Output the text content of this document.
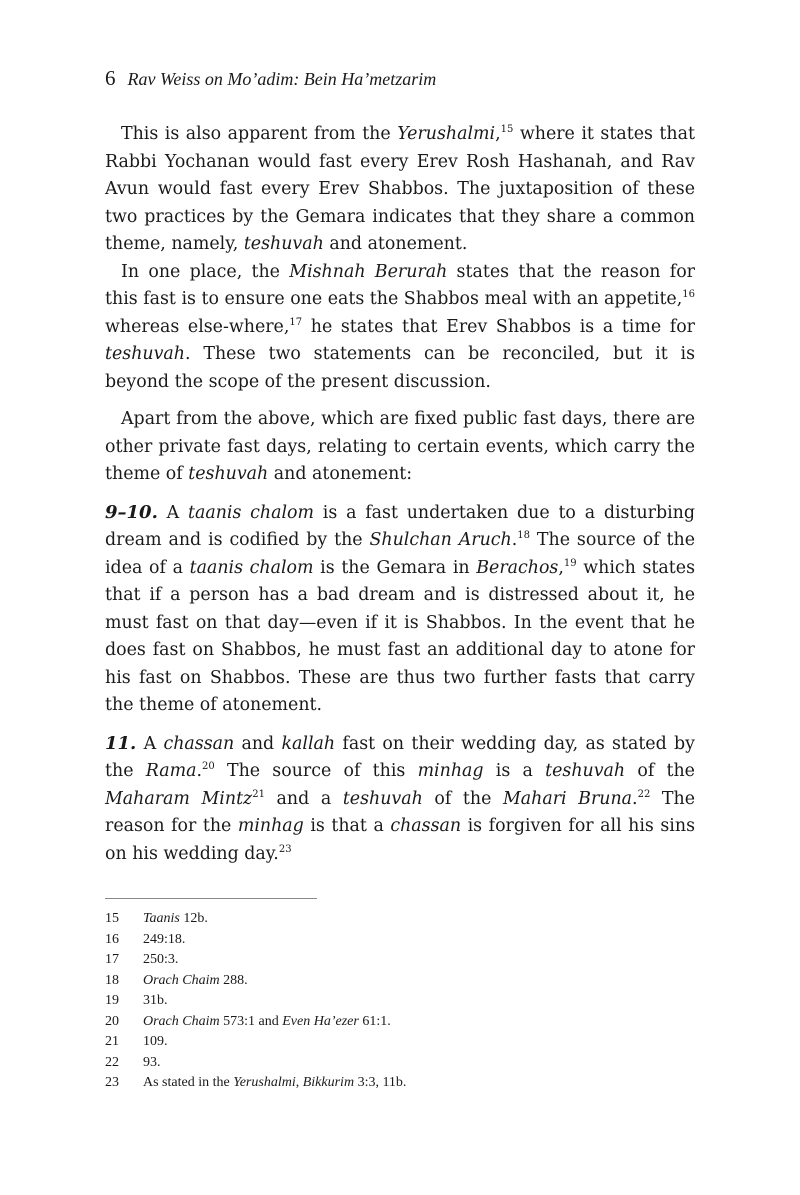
6 Rav Weiss on Mo’adim: Bein Ha’metzarim

This is also apparent from the Yerushalmi,$^{15}$ where it states that Rabbi Yochanan would fast every Erev Rosh Hashanah, and Rav Avun would fast every Erev Shabbos. The juxtaposition of these two practices by the Gemara indicates that they share a common theme, namely, teshuvah and atonement.

In one place, the Mishnah Berurah states that the reason for this fast is to ensure one eats the Shabbos meal with an appetite,$^{16}$ whereas else-where,$^{17}$ he states that Erev Shabbos is a time for teshuvah. These two statements can be reconciled, but it is beyond the scope of the present discussion.

Apart from the above, which are fixed public fast days, there are other private fast days, relating to certain events, which carry the theme of teshuvah and atonement:

9–10. A taanis chalom is a fast undertaken due to a disturbing dream and is codified by the Shulchan Aruch.$^{18}$ The source of the idea of a taanis chalom is the Gemara in Berachos,$^{19}$ which states that if a person has a bad dream and is distressed about it, he must fast on that day—even if it is Shabbos. In the event that he does fast on Shabbos, he must fast an additional day to atone for his fast on Shabbos. These are thus two further fasts that carry the theme of atonement.

11. A chassan and kallah fast on their wedding day, as stated by the Rama.$^{20}$ The source of this minhag is a teshuvah of the Maharam Mintz$^{21}$ and a teshuvah of the Mahari Bruna.$^{22}$ The reason for the minhag is that a chassan is forgiven for all his sins on his wedding day.$^{23}$

15	Taanis 12b.
16	249:18.
17	250:3.
18	Orach Chaim 288.
19	31b.
20	Orach Chaim 573:1 and Even Ha’ezer 61:1.
21	109.
22	93.
23	As stated in the Yerushalmi, Bikkurim 3:3, 11b.
